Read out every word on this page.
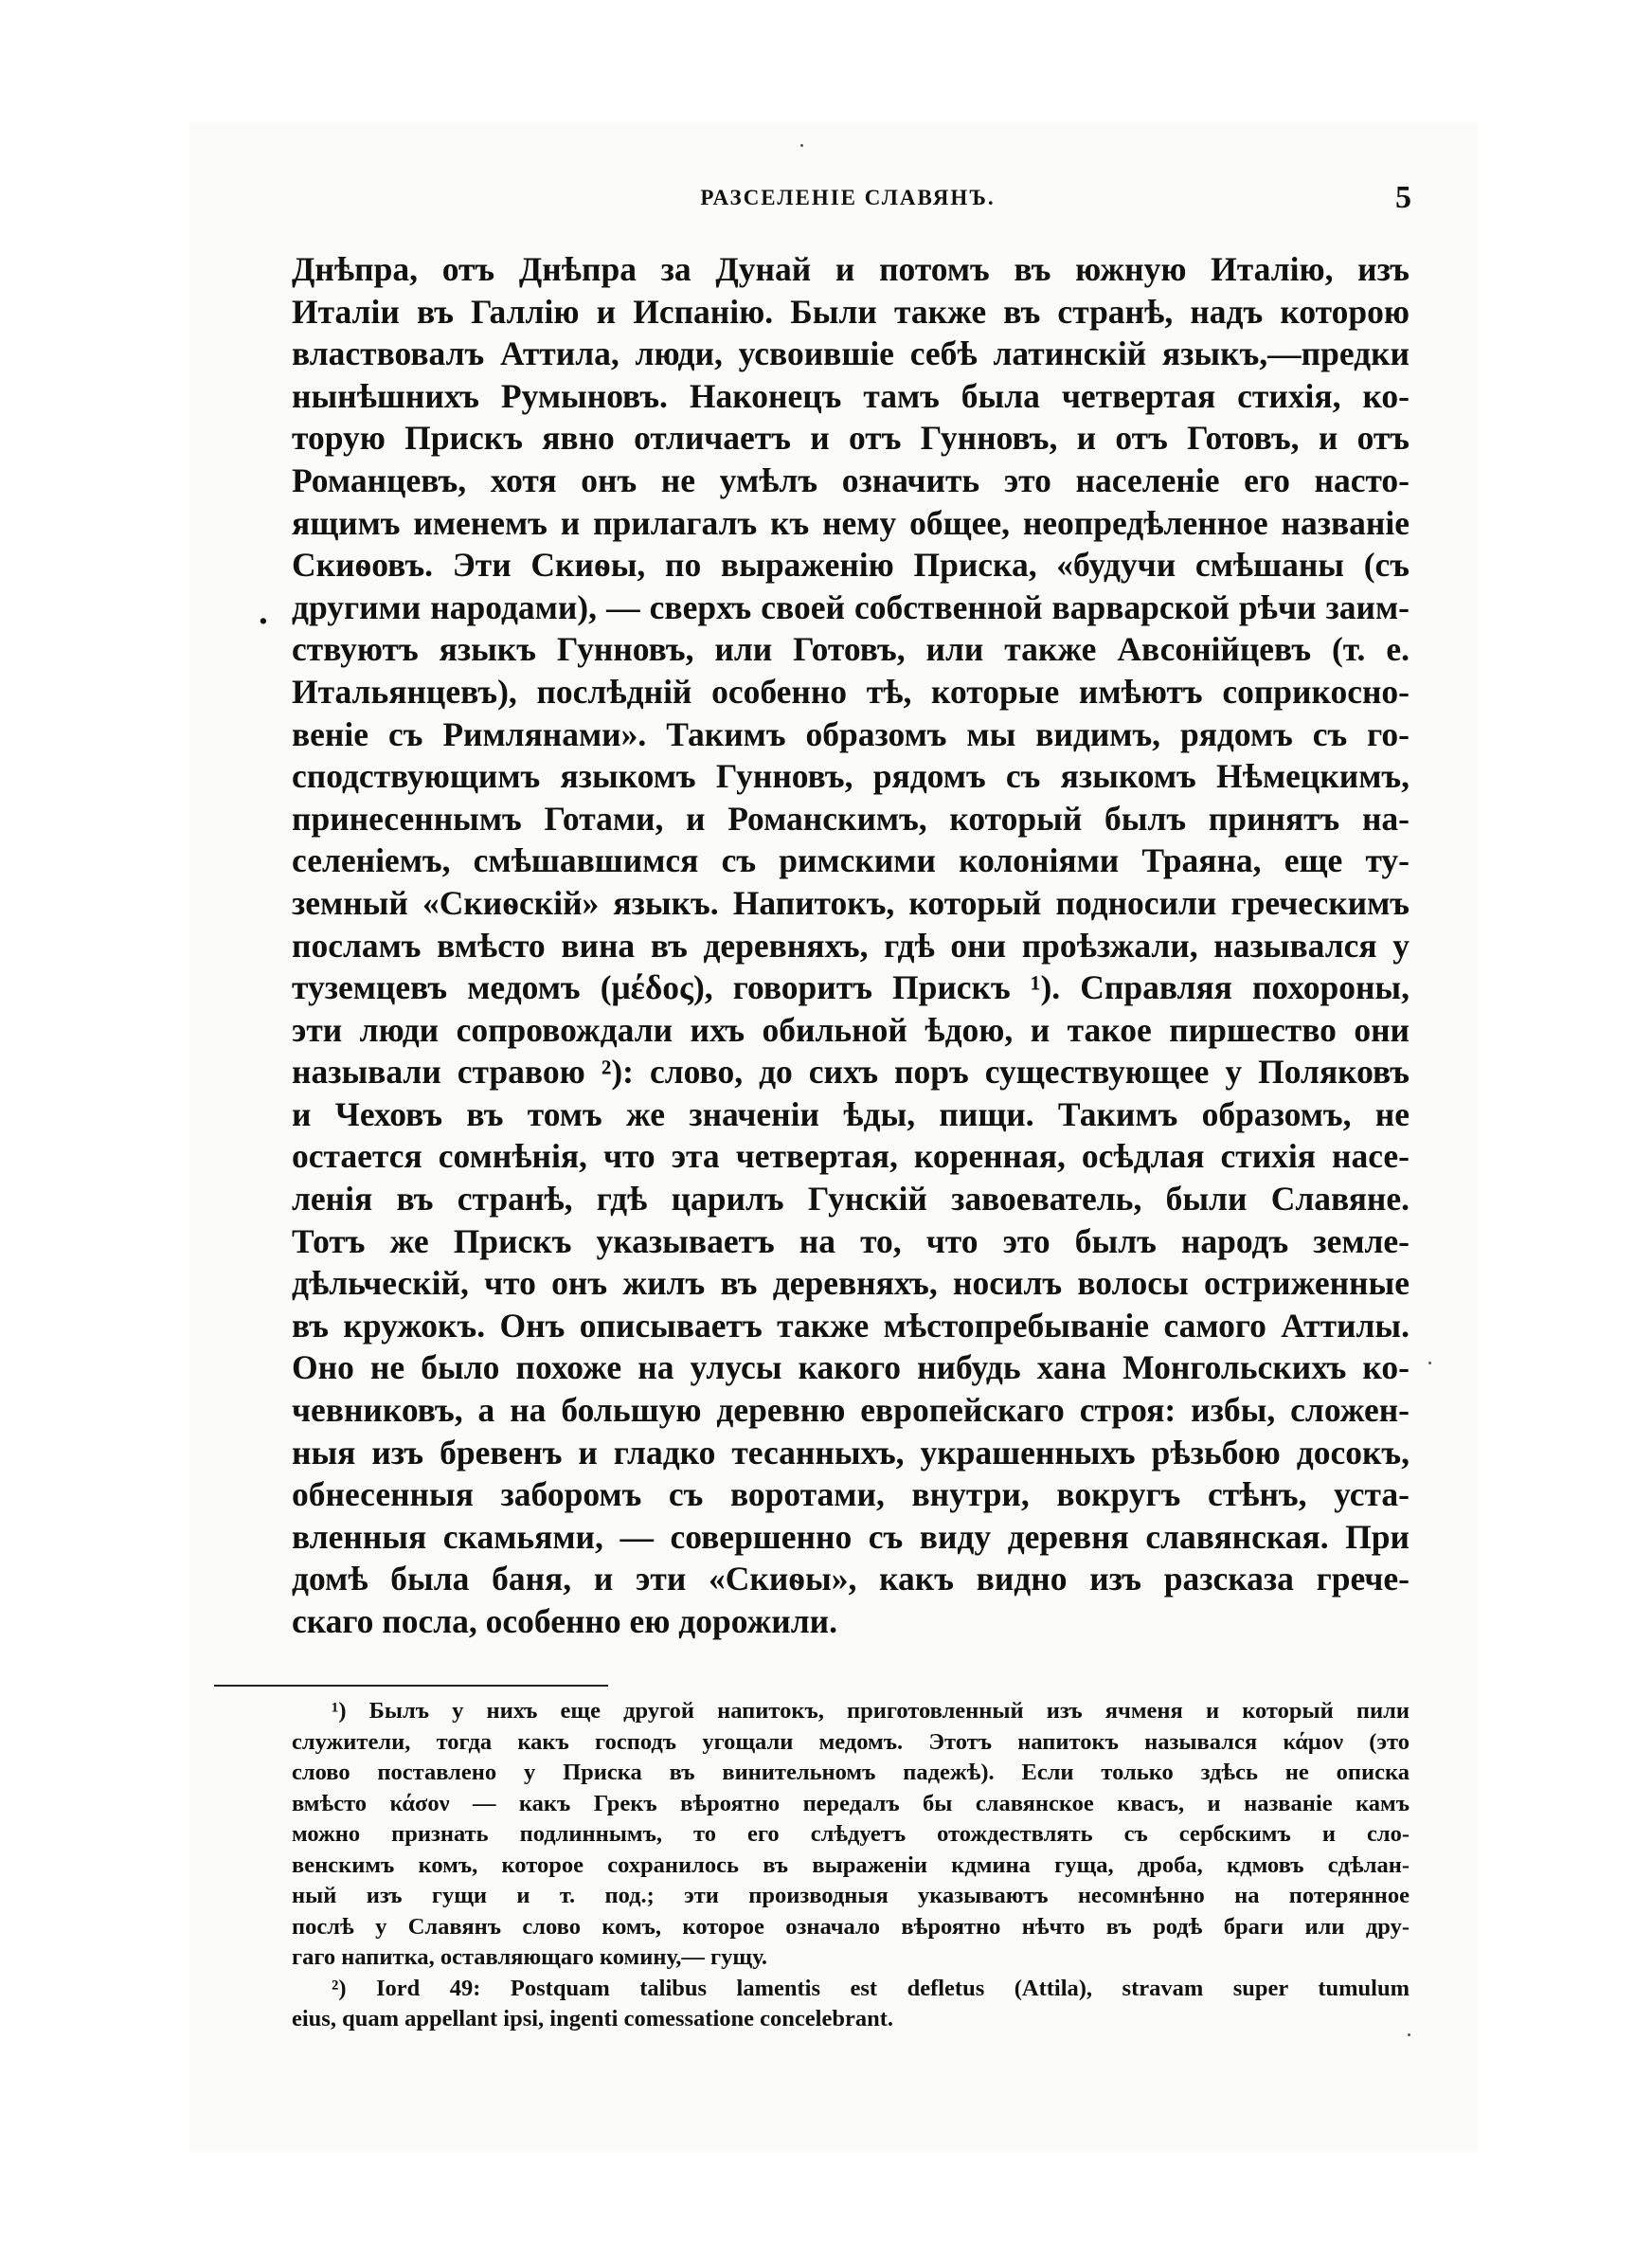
РАЗСЕЛЕНІЕ СЛАВЯНЪ.	5
·
Днѣпра, отъ Днѣпра за Дунай и потомъ въ южную Италію, изъ
Италіи въ Галлію и Испанію. Были также въ странѣ, надъ которою
властвовалъ Аттила, люди, усвоившіе себѣ латинскій языкъ,—предки
нынѣшнихъ Румыновъ. Наконецъ тамъ была четвертая стихія, ко-
торую Прискъ явно отличаетъ и отъ Гунновъ, и отъ Готовъ, и отъ
Романцевъ, хотя онъ не умѣлъ означить это населеніе его насто-
ящимъ именемъ и прилагалъ къ нему общее, неопредѣленное названіе
Скиѳовъ. Эти Скиѳы, по выраженію Приска, «будучи смѣшаны (съ
другими народами), — сверхъ своей собственной варварской рѣчи заим-
ствуютъ языкъ Гунновъ, или Готовъ, или также Авсонійцевъ (т. е.
Итальянцевъ), послѣдній особенно тѣ, которые имѣютъ соприкосно-
веніе съ Римлянами». Такимъ образомъ мы видимъ, рядомъ съ го-
сподствующимъ языкомъ Гунновъ, рядомъ съ языкомъ Нѣмецкимъ,
принесеннымъ Готами, и Романскимъ, который былъ принятъ на-
селеніемъ, смѣшавшимся съ римскими колоніями Траяна, еще ту-
земный «Скиѳскій» языкъ. Напитокъ, который подносили греческимъ
посламъ вмѣсто вина въ деревняхъ, гдѣ они проѣзжали, назывался у
туземцевъ медомъ (μέδος), говоритъ Прискъ ¹). Справляя похороны,
эти люди сопровождали ихъ обильной ѣдою, и такое пиршество они
называли стравою ²): слово, до сихъ поръ существующее у Поляковъ
и Чеховъ въ томъ же значеніи ѣды, пищи. Такимъ образомъ, не
остается сомнѣнія, что эта четвертая, коренная, осѣдлая стихія насе-
ленія въ странѣ, гдѣ царилъ Гунскій завоеватель, были Славяне.
Тотъ же Прискъ указываетъ на то, что это былъ народъ земле-
дѣльческій, что онъ жилъ въ деревняхъ, носилъ волосы остриженные
въ кружокъ. Онъ описываетъ также мѣстопребываніе самого Аттилы.
Оно не было похоже на улусы какого нибудь хана Монгольскихъ ко-
чевниковъ, а на большую деревню европейскаго строя: избы, сложен-
ныя изъ бревенъ и гладко тесанныхъ, украшенныхъ рѣзьбою досокъ,
обнесенныя заборомъ съ воротами, внутри, вокругъ стѣнъ, уста-
вленныя скамьями, — совершенно съ виду деревня славянская. При
домѣ была баня, и эти «Скиѳы», какъ видно изъ разсказа грече-
скаго посла, особенно ею дорожили.
¹) Былъ у нихъ еще другой напитокъ, приготовленный изъ ячменя и который пили
служители, тогда какъ господъ угощали медомъ. Этотъ напитокъ назывался κάμον (это
слово поставлено у Приска въ винительномъ падежѣ). Если только здѣсь не описка
вмѣсто κάσον — какъ Грекъ вѣроятно передалъ бы славянское квасъ, и названіе камъ
можно признать подлиннымъ, то его слѣдуетъ отождествлять съ сербскимъ и сло-
венскимъ комъ, которое сохранилось въ выраженіи кдмина гуща, дроба, кдмовъ сдѣлан-
ный изъ гущи и т. под.; эти производныя указываютъ несомнѣнно на потерянное
послѣ у Славянъ слово комъ, которое означало вѣроятно нѣчто въ родѣ браги или дру-
гаго напитка, оставляющаго комину,— гущу.
²) Iord 49: Postquam talibus lamentis est defletus (Attila), stravam super tumulum
eius, quam appellant ipsi, ingenti comessatione concelebrant.
